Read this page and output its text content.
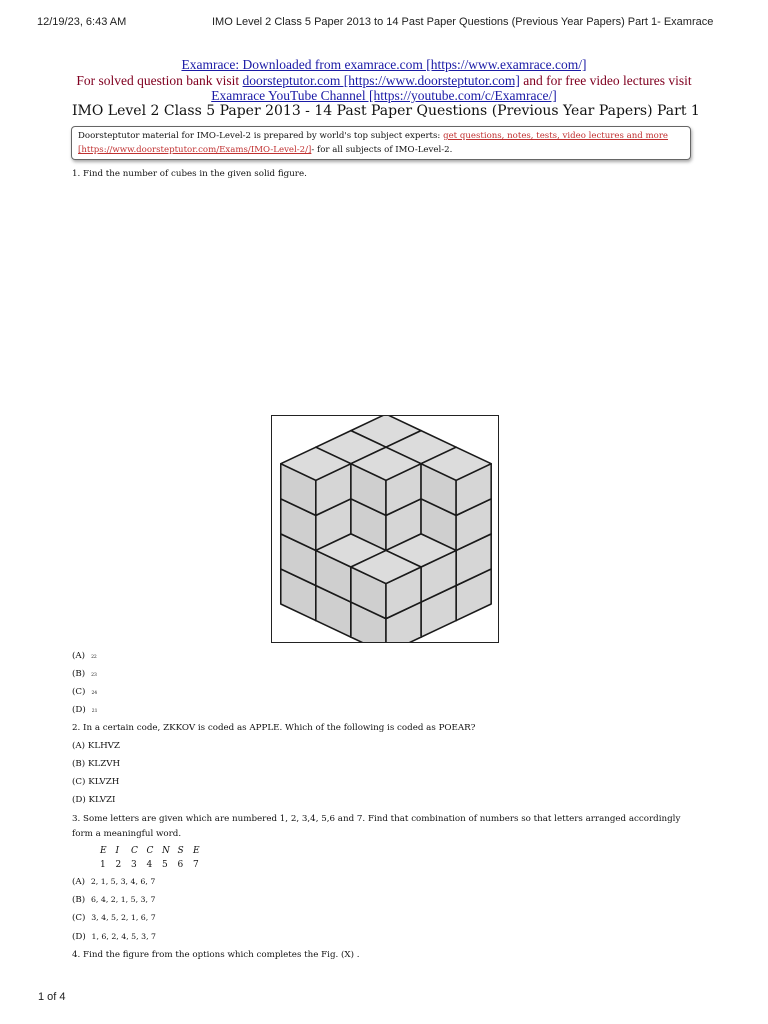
12/19/23, 6:43 AM	IMO Level 2 Class 5 Paper 2013 to 14 Past Paper Questions (Previous Year Papers) Part 1- Examrace
Examrace: Downloaded from examrace.com [https://www.examrace.com/]
For solved question bank visit doorsteptutor.com [https://www.doorsteptutor.com] and for free video lectures visit
Examrace YouTube Channel [https://youtube.com/c/Examrace/]
IMO Level 2 Class 5 Paper 2013 - 14 Past Paper Questions (Previous Year Papers) Part 1
Doorsteptutor material for IMO-Level-2 is prepared by world's top subject experts: get questions, notes, tests, video lectures and more
[https://www.doorsteptutor.com/Exams/IMO-Level-2/]- for all subjects of IMO-Level-2.
1. Find the number of cubes in the given solid figure.
(A) 22
(B) 23
(C) 24
(D) 21
2. In a certain code, ZKKOV is coded as APPLE. Which of the following is coded as POEAR?
(A) KLHVZ
(B) KLZVH
(C) KLVZH
(D) KLVZI
3. Some letters are given which are numbered 1, 2, 3,4, 5,6 and 7. Find that combination of numbers so that letters arranged accordingly
form a meaningful word.
E I C C N S E
1 2 3 4 5 6 7
(A) 2, 1, 5, 3, 4, 6, 7
(B) 6, 4, 2, 1, 5, 3, 7
(C) 3, 4, 5, 2, 1, 6, 7
(D) 1, 6, 2, 4, 5, 3, 7
4. Find the figure from the options which completes the Fig. (X) .
1 of 4
